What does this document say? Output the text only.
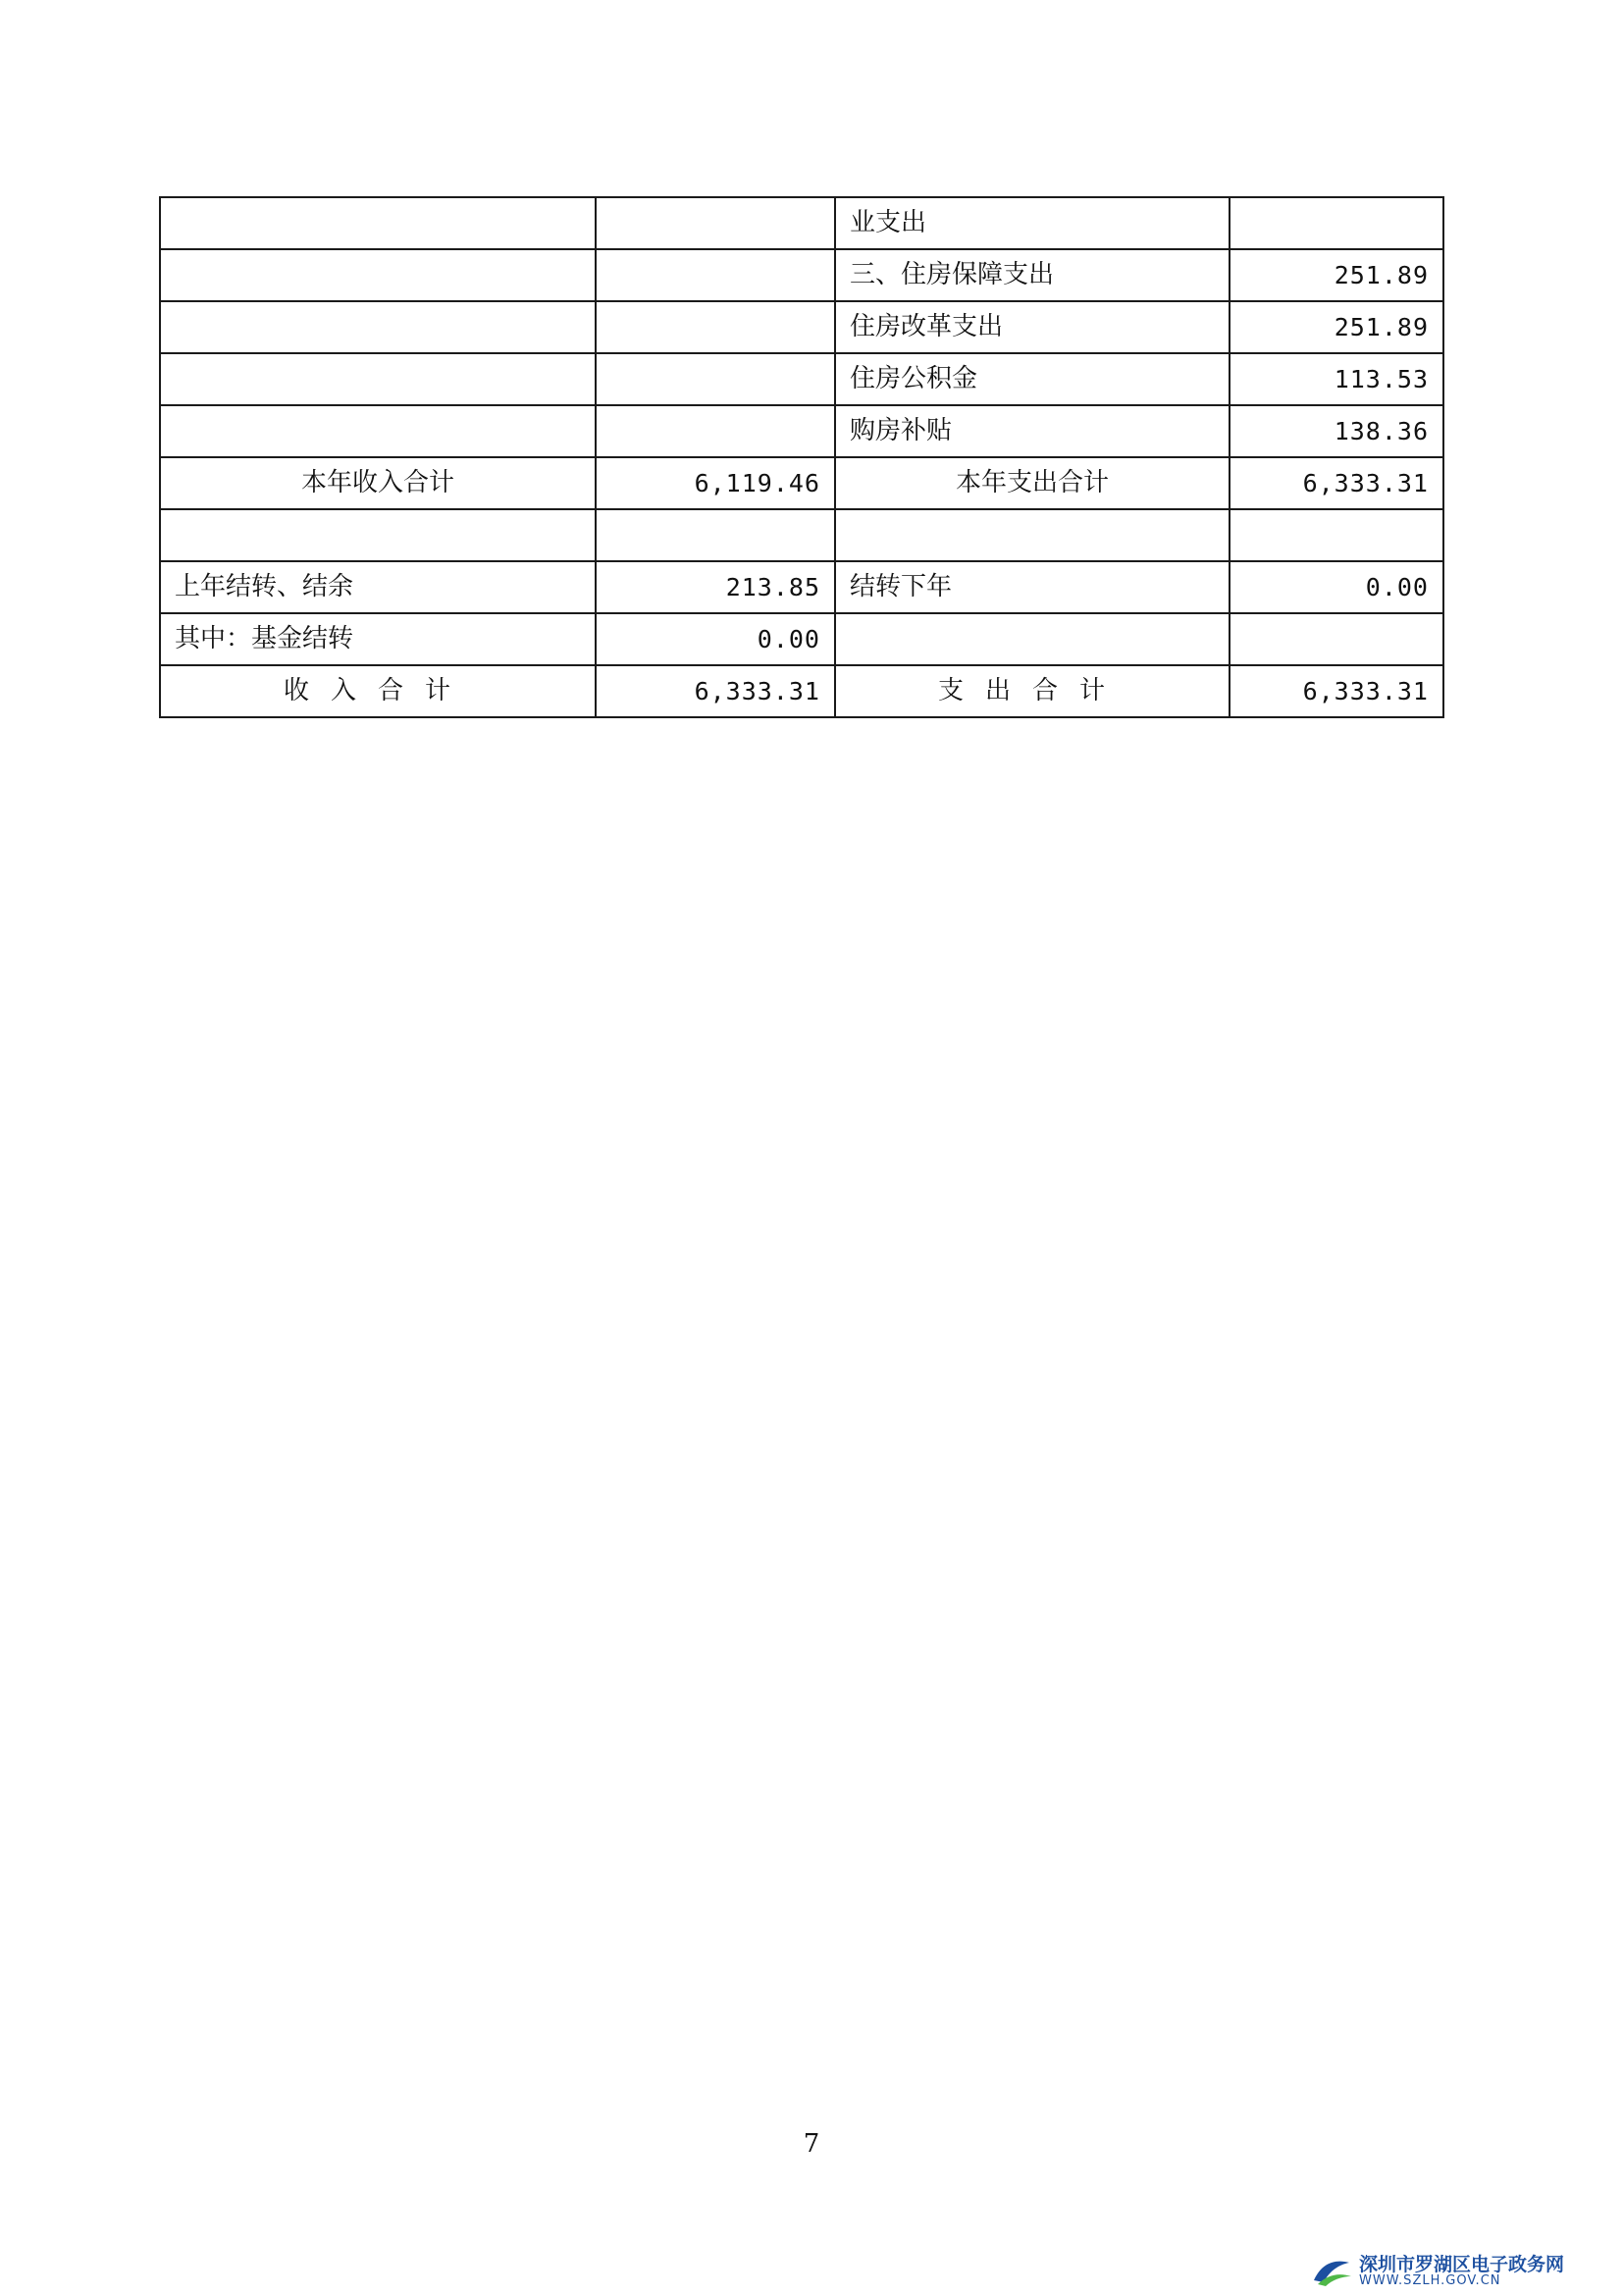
		业支出	
		三、住房保障支出	251.89
		住房改革支出	251.89
		住房公积金	113.53
		购房补贴	138.36
本年收入合计	6,119.46	本年支出合计	6,333.31

上年结转、结余	213.85	结转下年	0.00
其中：基金结转	0.00		
收入合计	6,333.31	支出合计	6,333.31
7
深圳市罗湖区电子政务网
WWW.SZLH.GOV.CN
